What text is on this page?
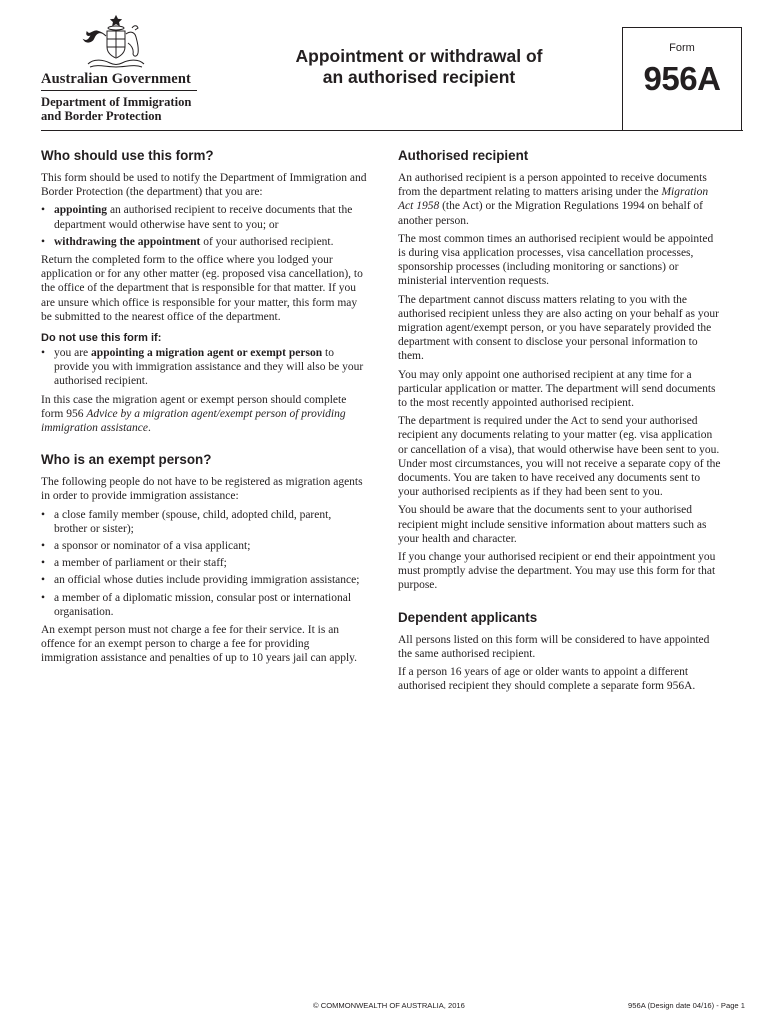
Australian Government
Department of Immigration
and Border Protection
Appointment or withdrawal of
an authorised recipient
Form
956A
Who should use this form?

This form should be used to notify the Department of Immigration and Border Protection (the department) that you are:

• appointing an authorised recipient to receive documents that the department would otherwise have sent to you; or
• withdrawing the appointment of your authorised recipient.

Return the completed form to the office where you lodged your application or for any other matter (eg. proposed visa cancellation), to the office of the department that is responsible for that matter. If you are unsure which office is responsible for your matter, this form may be submitted to the nearest office of the department.

Do not use this form if:
• you are appointing a migration agent or exempt person to provide you with immigration assistance and they will also be your authorised recipient.

In this case the migration agent or exempt person should complete form 956 Advice by a migration agent/exempt person of providing immigration assistance.

Who is an exempt person?

The following people do not have to be registered as migration agents in order to provide immigration assistance:

• a close family member (spouse, child, adopted child, parent, brother or sister);
• a sponsor or nominator of a visa applicant;
• a member of parliament or their staff;
• an official whose duties include providing immigration assistance;
• a member of a diplomatic mission, consular post or international organisation.

An exempt person must not charge a fee for their service. It is an offence for an exempt person to charge a fee for providing immigration assistance and penalties of up to 10 years jail can apply.

Authorised recipient

An authorised recipient is a person appointed to receive documents from the department relating to matters arising under the Migration Act 1958 (the Act) or the Migration Regulations 1994 on behalf of another person.

The most common times an authorised recipient would be appointed is during visa application processes, visa cancellation processes, sponsorship processes (including monitoring or sanctions) or ministerial intervention requests.

The department cannot discuss matters relating to you with the authorised recipient unless they are also acting on your behalf as your migration agent/exempt person, or you have separately provided the department with consent to disclose your personal information to them.

You may only appoint one authorised recipient at any time for a particular application or matter. The department will send documents to the most recently appointed authorised recipient.

The department is required under the Act to send your authorised recipient any documents relating to your matter (eg. visa application or cancellation of a visa), that would otherwise have been sent to you. Under most circumstances, you will not receive a separate copy of the documents. You are taken to have received any documents sent to your authorised recipients as if they had been sent to you.

You should be aware that the documents sent to your authorised recipient might include sensitive information about matters such as your health and character.

If you change your authorised recipient or end their appointment you must promptly advise the department. You may use this form for that purpose.

Dependent applicants

All persons listed on this form will be considered to have appointed the same authorised recipient.

If a person 16 years of age or older wants to appoint a different authorised recipient they should complete a separate form 956A.

© COMMONWEALTH OF AUSTRALIA, 2016	956A (Design date 04/16) - Page 1
